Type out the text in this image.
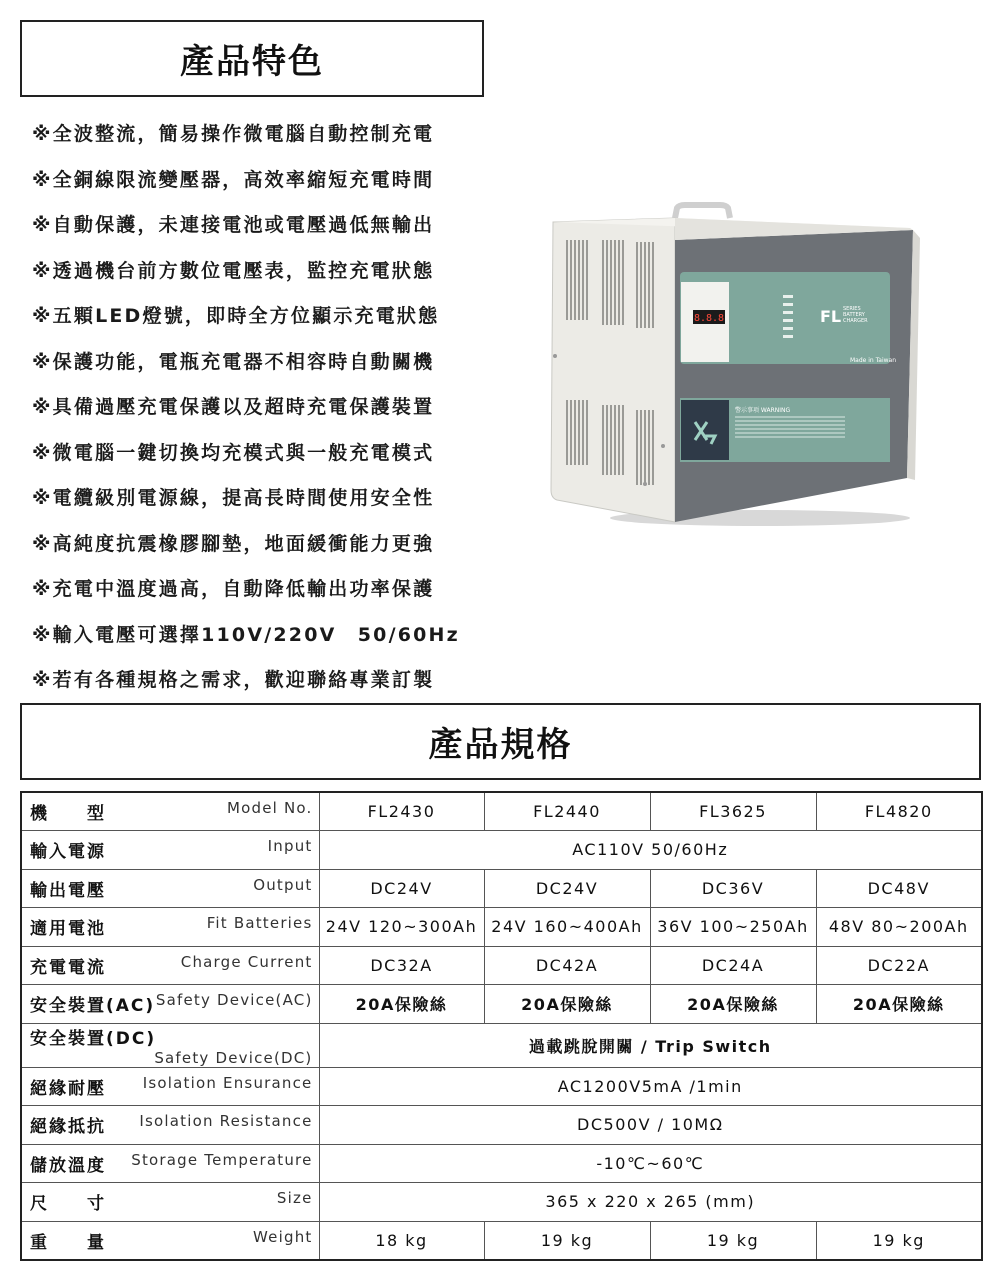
產品特色
※全波整流，簡易操作微電腦自動控制充電
※全銅線限流變壓器，高效率縮短充電時間
※自動保護，未連接電池或電壓過低無輸出
※透過機台前方數位電壓表，監控充電狀態
※五顆LED燈號，即時全方位顯示充電狀態
※保護功能，電瓶充電器不相容時自動關機
※具備過壓充電保護以及超時充電保護裝置
※微電腦一鍵切換均充模式與一般充電模式
※電纜級別電源線，提高長時間使用安全性
※高純度抗震橡膠腳墊，地面緩衝能力更強
※充電中溫度過高，自動降低輸出功率保護
※輸入電壓可選擇110V/220V　50/60Hz
※若有各種規格之需求，歡迎聯絡專業訂製
8.8.8	FL SERIES
BATTERY
CHARGER
Made in Taiwan
警示事項 WARNING
產品規格
機　　型 Model No.	FL2430	FL2440	FL3625	FL4820

輸入電源 Input	AC110V 50/60Hz			

輸出電壓 Output	DC24V	DC24V	DC36V	DC48V

適用電池 Fit Batteries	24V 120~300Ah	24V 160~400Ah	36V 100~250Ah	48V 80~200Ah

充電電流 Charge Current	DC32A	DC42A	DC24A	DC22A

安全裝置(AC) Safety Device(AC)	20A保險絲	20A保險絲	20A保險絲	20A保險絲

安全裝置(DC)
Safety Device(DC)	過載跳脫開關 / Trip Switch			

絕緣耐壓 Isolation Ensurance	AC1200V5mA /1min			

絕緣抵抗 Isolation Resistance	DC500V / 10MΩ			

儲放溫度 Storage Temperature	-10℃~60℃			

尺　　寸 Size	365 x 220 x 265 (mm)			

重　　量 Weight	18 kg	19 kg	19 kg	19 kg
